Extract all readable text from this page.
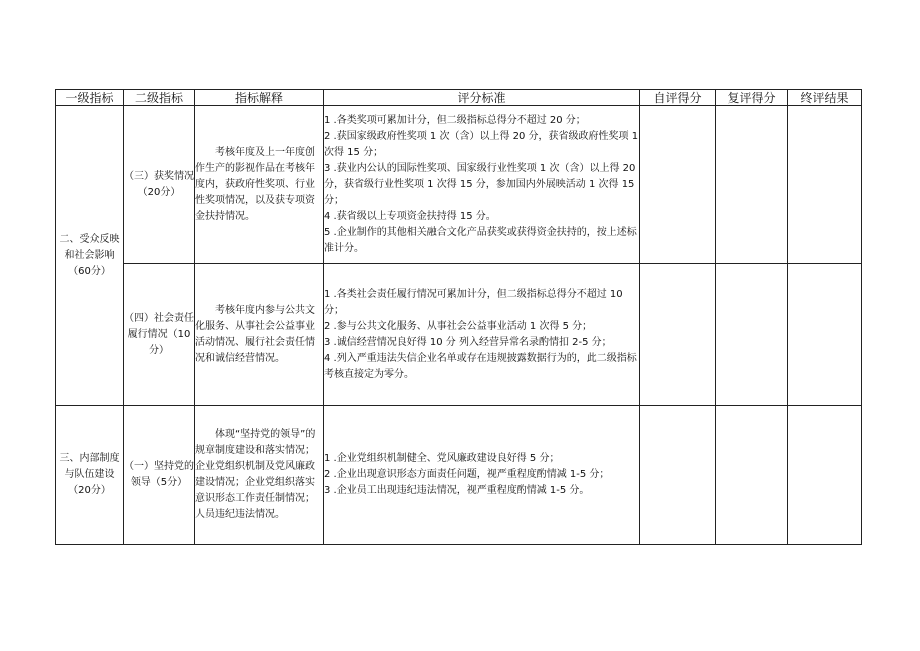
一级指标	二级指标	指标解释	评分标准	自评得分	复评得分	终评结果
二、受众反映和社会影响（60分）	（三）获奖情况（20分）	考核年度及上一年度创作生产的影视作品在考核年度内，获政府性奖项、行业性奖项情况，以及获专项资金扶持情况。	1 .各类奖项可累加计分，但二级指标总得分不超过 20 分；

2 .获国家级政府性奖项 1 次（含）以上得 20 分，获省级政府性奖项 1 次得 15 分；

3 .获业内公认的国际性奖项、国家级行业性奖项 1 次（含）以上得 20 分，获省级行业性奖项 1 次得 15 分，参加国内外展映活动 1 次得 15 分；

4 .获省级以上专项资金扶持得 15 分。

5 .企业制作的其他相关融合文化产品获奖或获得资金扶持的，按上述标准计分。			

	（四）社会责任履行情况（10分）	考核年度内参与公共文化服务、从事社会公益事业活动情况、履行社会责任情况和诚信经营情况。	1 .各类社会责任履行情况可累加计分，但二级指标总得分不超过 10 分；

2 .参与公共文化服务、从事社会公益事业活动 1 次得 5 分；

3 .诚信经营情况良好得 10 分 列入经营异常名录酌情扣 2-5 分；

4 .列入严重违法失信企业名单或存在违规披露数据行为的，此二级指标考核直接定为零分。			

三、内部制度与队伍建设（20分）	（一）坚持党的领导（5分）	体现“坚持党的领导”的规章制度建设和落实情况；企业党组织机制及党风廉政建设情况；企业党组织落实意识形态工作责任制情况；人员违纪违法情况。	1 .企业党组织机制健全、党风廉政建设良好得 5 分；

2 .企业出现意识形态方面责任问题，视严重程度酌情减 1-5 分；

3 .企业员工出现违纪违法情况，视严重程度酌情减 1-5 分。			
